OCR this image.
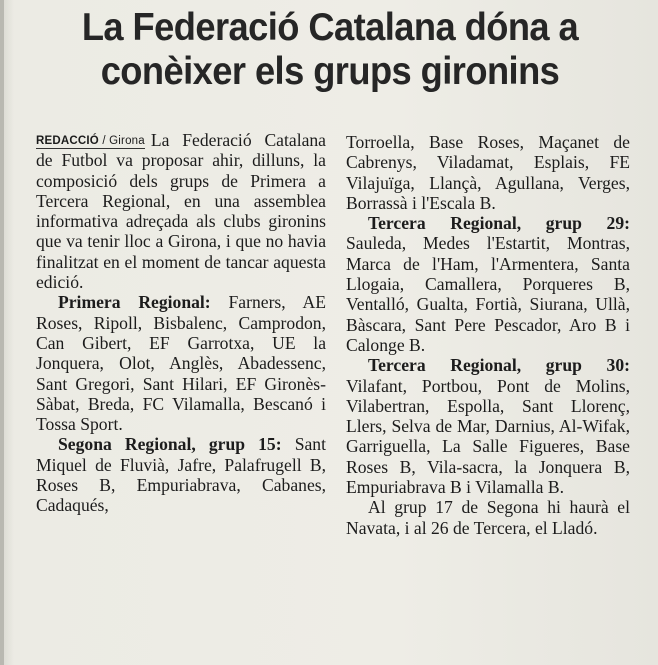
La Federació Catalana dóna a
conèixer els grups gironins

REDACCIÓ / Girona La Federació Catalana de Futbol va proposar ahir, dilluns, la composició dels grups de Primera a Tercera Regional, en una assemblea informativa adreçada als clubs gironins que va tenir lloc a Girona, i que no havia finalitzat en el moment de tancar aquesta edició.

Primera Regional: Farners, AE Roses, Ripoll, Bisbalenc, Camprodon, Can Gibert, EF Garrotxa, UE la Jonquera, Olot, Anglès, Abadessenc, Sant Gregori, Sant Hilari, EF Gironès-Sàbat, Breda, FC Vilamalla, Bescanó i Tossa Sport.

Segona Regional, grup 15: Sant Miquel de Fluvià, Jafre, Palafrugell B, Roses B, Empuriabrava, Cabanes, Cadaqués,

Torroella, Base Roses, Maçanet de Cabrenys, Viladamat, Esplais, FE Vilajuïga, Llançà, Agullana, Verges, Borrassà i l'Escala B.

Tercera Regional, grup 29: Sauleda, Medes l'Estartit, Montras, Marca de l'Ham, l'Armentera, Santa Llogaia, Camallera, Porqueres B, Ventalló, Gualta, Fortià, Siurana, Ullà, Bàscara, Sant Pere Pescador, Aro B i Calonge B.

Tercera Regional, grup 30: Vilafant, Portbou, Pont de Molins, Vilabertran, Espolla, Sant Llorenç, Llers, Selva de Mar, Darnius, Al-Wifak, Garriguella, La Salle Figueres, Base Roses B, Vila-sacra, la Jonquera B, Empuriabrava B i Vilamalla B.

Al grup 17 de Segona hi haurà el Navata, i al 26 de Tercera, el Lladó.
